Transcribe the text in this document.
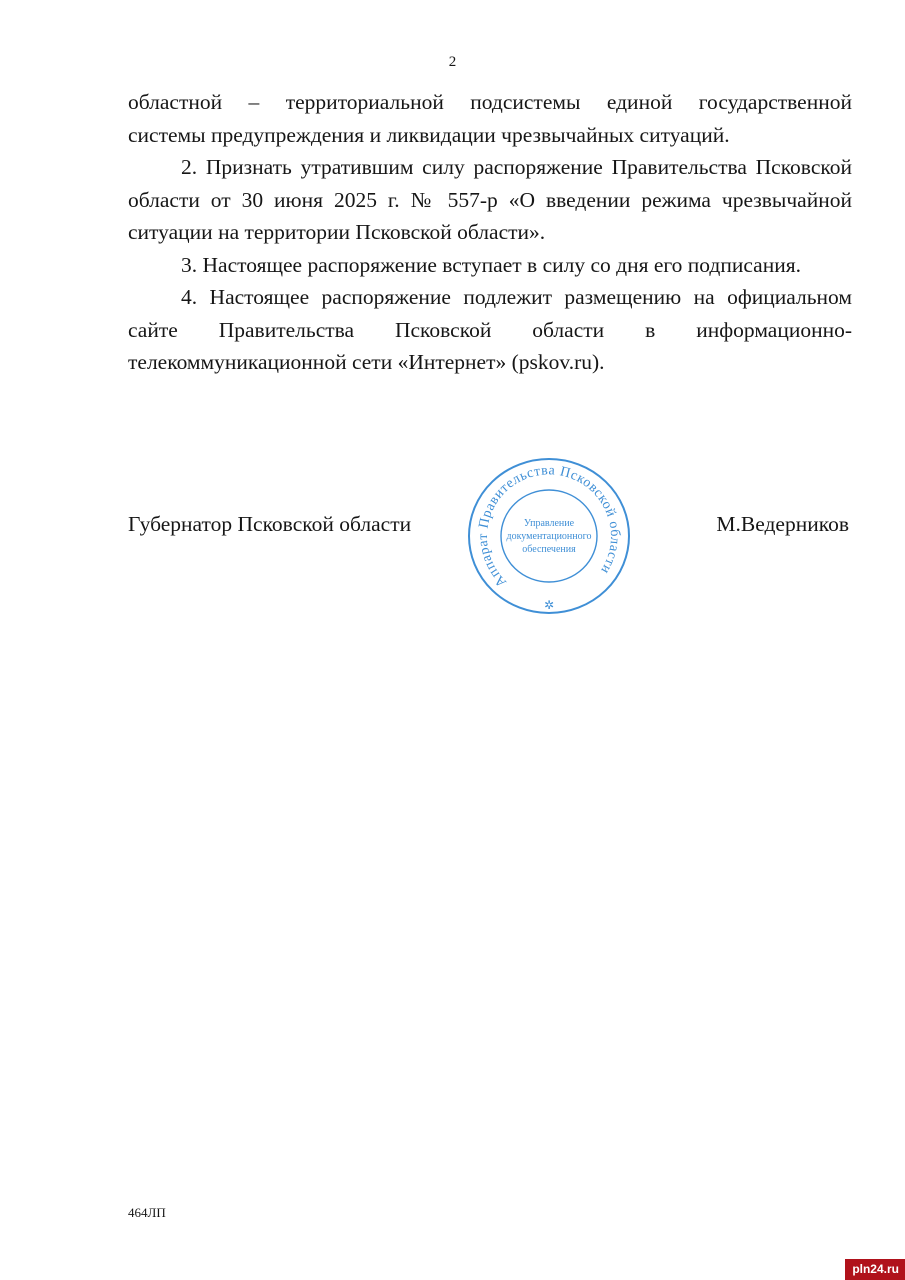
2

областной – территориальной подсистемы единой государственной

системы предупреждения и ликвидации чрезвычайных ситуаций.

2. Признать утратившим силу распоряжение Правительства Псковской области от 30 июня 2025 г. № 557-р «О введении режима чрезвычайной ситуации на территории Псковской области».

3. Настоящее распоряжение вступает в силу со дня его подписания.

4. Настоящее распоряжение подлежит размещению на официальном сайте Правительства Псковской области в информационно-телекоммуникационной сети «Интернет» (pskov.ru).

Губернатор Псковской области	М.Ведерников
Аппарат Правительства Псковской области
Управление
документационного
обеспечения
✲
464ЛП
pln24.ru
